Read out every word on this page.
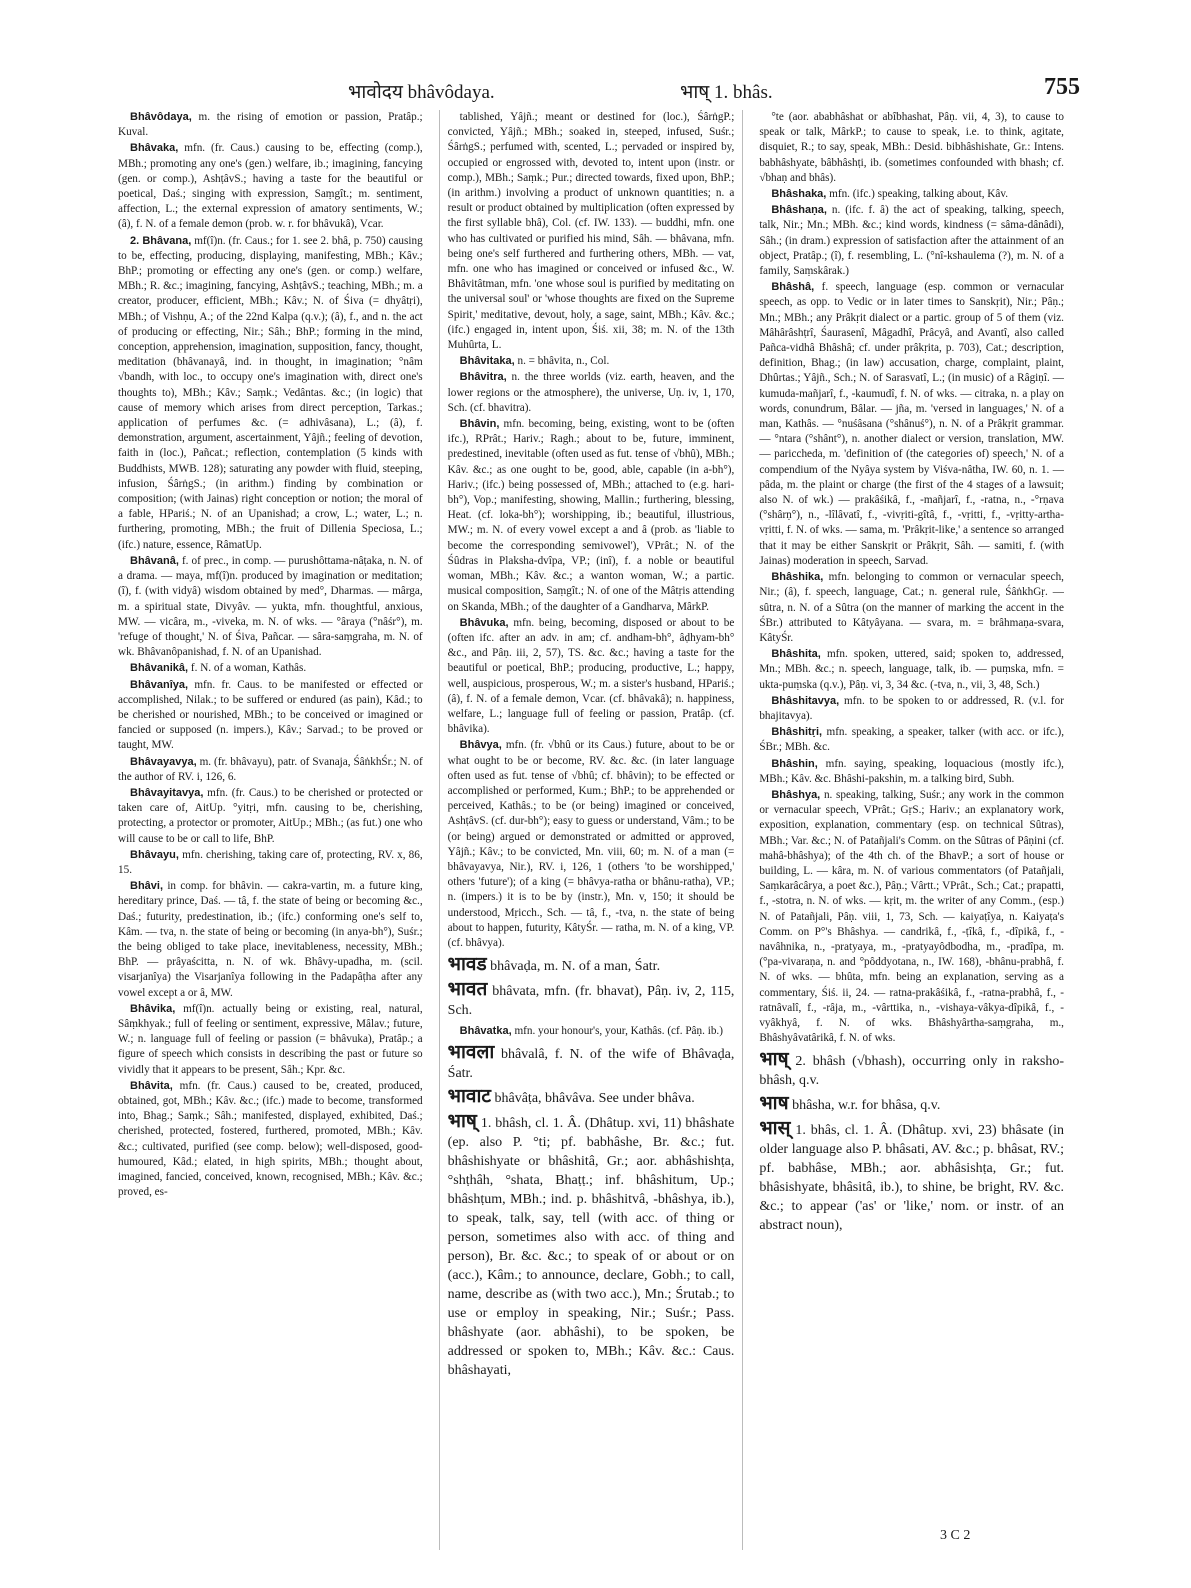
भावोदय bhâvôdaya.	भाष् 1. bhâs.	755
Bhâvôdaya, m. the rising of emotion or passion, Pratâp.; Kuval.
Bhâvaka, mfn. (fr. Caus.) causing to be, effecting (comp.), MBh.; promoting any one's (gen.) welfare, ib.; imagining, fancying (gen. or comp.), AshṭâvS.; having a taste for the beautiful or poetical, Daś.; singing with expression, Saṃgît.; m. sentiment, affection, L.; the external expression of amatory sentiments, W.; (â), f. N. of a female demon (prob. w. r. for bhâvukâ), Vcar.
2. Bhâvana, mf(î)n. (fr. Caus.; for 1. see 2. bhâ, p. 750) causing to be, effecting, producing, displaying, manifesting, MBh.; Kâv.; BhP.; promoting or effecting any one's (gen. or comp.) welfare, MBh.; R. &c.; imagining, fancying, AshṭâvS.; teaching, MBh.; m. a creator, producer, efficient, MBh.; Kâv.; N. of Śiva (= dhyâtṛi), MBh.; of Vishṇu, A.; of the 22nd Kalpa (q.v.); (â), f., and n. the act of producing or effecting, Nir.; Sâh.; BhP.; forming in the mind, conception, apprehension, imagination, supposition, fancy, thought, meditation (bhâvanayâ, ind. in thought, in imagination; °nâm √bandh, with loc., to occupy one's imagination with, direct one's thoughts to), MBh.; Kâv.; Saṃk.; Vedântas. &c.; (in logic) that cause of memory which arises from direct perception, Tarkas.; application of perfumes &c. (= adhivâsana), L.; (â), f. demonstration, argument, ascertainment, Yâjñ.; feeling of devotion, faith in (loc.), Pañcat.; reflection, contemplation (5 kinds with Buddhists, MWB. 128); saturating any powder with fluid, steeping, infusion, ŚârṅgS.; (in arithm.) finding by combination or composition; (with Jainas) right conception or notion; the moral of a fable, HPariś.; N. of an Upanishad; a crow, L.; water, L.; n. furthering, promoting, MBh.; the fruit of Dillenia Speciosa, L.; (ifc.) nature, essence, RâmatUp.
Bhâvanâ, f. of prec., in comp. — purushôttama-nâṭaka, n. N. of a drama. — maya, mf(î)n. produced by imagination or meditation; (î), f. (with vidyâ) wisdom obtained by med°, Dharmas. — mârga, m. a spiritual state, Divyâv. — yukta, mfn. thoughtful, anxious, MW. — vicâra, m., -viveka, m. N. of wks. — °âraya (°nâśr°), m. 'refuge of thought,' N. of Śiva, Pañcar. — sâra-saṃgraha, m. N. of wk. Bhâvanôpanishad, f. N. of an Upanishad.
Bhâvanikâ, f. N. of a woman, Kathâs.
Bhâvanîya, mfn. fr. Caus. to be manifested or effected or accomplished, Nilak.; to be suffered or endured (as pain), Kâd.; to be cherished or nourished, MBh.; to be conceived or imagined or fancied or supposed (n. impers.), Kâv.; Sarvad.; to be proved or taught, MW.
Bhâvayavya, m. (fr. bhâvayu), patr. of Svanaja, ŚâṅkhŚr.; N. of the author of RV. i, 126, 6.
Bhâvayitavya, mfn. (fr. Caus.) to be cherished or protected or taken care of, AitUp. °yitṛi, mfn. causing to be, cherishing, protecting, a protector or promoter, AitUp.; MBh.; (as fut.) one who will cause to be or call to life, BhP.
Bhâvayu, mfn. cherishing, taking care of, protecting, RV. x, 86, 15.
Bhâvi, in comp. for bhâvin. — cakra-vartin, m. a future king, hereditary prince, Daś. — tâ, f. the state of being or becoming &c., Daś.; futurity, predestination, ib.; (ifc.) conforming one's self to, Kâm. — tva, n. the state of being or becoming (in anya-bh°), Suśr.; the being obliged to take place, inevitableness, necessity, MBh.; BhP. — prâyaścitta, n. N. of wk. Bhâvy-upadha, m. (scil. visarjanîya) the Visarjanîya following in the Padapâṭha after any vowel except a or â, MW.
Bhâvika, mf(î)n. actually being or existing, real, natural, Sâṃkhyak.; full of feeling or sentiment, expressive, Mâlav.; future, W.; n. language full of feeling or passion (= bhâvuka), Pratâp.; a figure of speech which consists in describing the past or future so vividly that it appears to be present, Sâh.; Kpr. &c.
Bhâvita, mfn. (fr. Caus.) caused to be, created, produced, obtained, got, MBh.; Kâv. &c.; (ifc.) made to become, transformed into, Bhag.; Saṃk.; Sâh.; manifested, displayed, exhibited, Daś.; cherished, protected, fostered, furthered, promoted, MBh.; Kâv. &c.; cultivated, purified (see comp. below); well-disposed, good-humoured, Kâd.; elated, in high spirits, MBh.; thought about, imagined, fancied, conceived, known, recognised, MBh.; Kâv. &c.; proved, es-
tablished, Yâjñ.; meant or destined for (loc.), ŚârṅgP.; convicted, Yâjñ.; MBh.; soaked in, steeped, infused, Suśr.; ŚârṅgS.; perfumed with, scented, L.; pervaded or inspired by, occupied or engrossed with, devoted to, intent upon (instr. or comp.), MBh.; Saṃk.; Pur.; directed towards, fixed upon, BhP.; (in arithm.) involving a product of unknown quantities; n. a result or product obtained by multiplication (often expressed by the first syllable bhâ), Col. (cf. IW. 133). — buddhi, mfn. one who has cultivated or purified his mind, Sâh. — bhâvana, mfn. being one's self furthered and furthering others, MBh. — vat, mfn. one who has imagined or conceived or infused &c., W. Bhâvitâtman, mfn. 'one whose soul is purified by meditating on the universal soul' or 'whose thoughts are fixed on the Supreme Spirit,' meditative, devout, holy, a sage, saint, MBh.; Kâv. &c.; (ifc.) engaged in, intent upon, Śiś. xii, 38; m. N. of the 13th Muhûrta, L.
Bhâvitaka, n. = bhâvita, n., Col.
Bhâvitra, n. the three worlds (viz. earth, heaven, and the lower regions or the atmosphere), the universe, Uṇ. iv, 1, 170, Sch. (cf. bhavitra).
Bhâvin, mfn. becoming, being, existing, wont to be (often ifc.), RPrât.; Hariv.; Ragh.; about to be, future, imminent, predestined, inevitable (often used as fut. tense of √bhû), MBh.; Kâv. &c.; as one ought to be, good, able, capable (in a-bh°), Hariv.; (ifc.) being possessed of, MBh.; attached to (e.g. hari-bh°), Vop.; manifesting, showing, Mallin.; furthering, blessing, Heat. (cf. loka-bh°); worshipping, ib.; beautiful, illustrious, MW.; m. N. of every vowel except a and â (prob. as 'liable to become the corresponding semivowel'), VPrât.; N. of the Śûdras in Plaksha-dvîpa, VP.; (inî), f. a noble or beautiful woman, MBh.; Kâv. &c.; a wanton woman, W.; a partic. musical composition, Saṃgît.; N. of one of the Mâtṛis attending on Skanda, MBh.; of the daughter of a Gandharva, MârkP.
Bhâvuka, mfn. being, becoming, disposed or about to be (often ifc. after an adv. in am; cf. andham-bh°, âḍhyam-bh° &c., and Pâṇ. iii, 2, 57), TS. &c. &c.; having a taste for the beautiful or poetical, BhP.; producing, productive, L.; happy, well, auspicious, prosperous, W.; m. a sister's husband, HPariś.; (â), f. N. of a female demon, Vcar. (cf. bhâvakâ); n. happiness, welfare, L.; language full of feeling or passion, Pratâp. (cf. bhâvika).
Bhâvya, mfn. (fr. √bhû or its Caus.) future, about to be or what ought to be or become, RV. &c. &c. (in later language often used as fut. tense of √bhû; cf. bhâvin); to be effected or accomplished or performed, Kum.; BhP.; to be apprehended or perceived, Kathâs.; to be (or being) imagined or conceived, AshṭâvS. (cf. dur-bh°); easy to guess or understand, Vâm.; to be (or being) argued or demonstrated or admitted or approved, Yâjñ.; Kâv.; to be convicted, Mn. viii, 60; m. N. of a man (= bhâvayavya, Nir.), RV. i, 126, 1 (others 'to be worshipped,' others 'future'); of a king (= bhâvya-ratha or bhânu-ratha), VP.; n. (impers.) it is to be by (instr.), Mn. v, 150; it should be understood, Mṛicch., Sch. — tâ, f., -tva, n. the state of being about to happen, futurity, KâtyŚr. — ratha, m. N. of a king, VP. (cf. bhâvya).
भावड bhâvaḍa, m. N. of a man, Śatr.
भावत bhâvata, mfn. (fr. bhavat), Pâṇ. iv, 2, 115, Sch.
Bhâvatka, mfn. your honour's, your, Kathâs. (cf. Pâṇ. ib.)
भावला bhâvalâ, f. N. of the wife of Bhâvaḍa, Śatr.
भावाट bhâvâṭa, bhâvâva. See under bhâva.
भाष् 1. bhâsh, cl. 1. Â. (Dhâtup. xvi, 11) bhâshate (ep. also P. °ti; pf. babhâshe, Br. &c.; fut. bhâshishyate or bhâshitâ, Gr.; aor. abhâshishṭa, °shṭhâh, °shata, Bhaṭṭ.; inf. bhâshitum, Up.; bhâshṭum, MBh.; ind. p. bhâshitvâ, -bhâshya, ib.), to speak, talk, say, tell (with acc. of thing or person, sometimes also with acc. of thing and person), Br. &c. &c.; to speak of or about or on (acc.), Kâm.; to announce, declare, Gobh.; to call, name, describe as (with two acc.), Mn.; Śrutab.; to use or employ in speaking, Nir.; Suśr.; Pass. bhâshyate (aor. abhâshi), to be spoken, be addressed or spoken to, MBh.; Kâv. &c.: Caus. bhâshayati,
°te (aor. ababhâshat or abîbhashat, Pâṇ. vii, 4, 3), to cause to speak or talk, MârkP.; to cause to speak, i.e. to think, agitate, disquiet, R.; to say, speak, MBh.: Desid. bibhâshishate, Gr.: Intens. babhâshyate, bâbhâshṭi, ib. (sometimes confounded with bhash; cf. √bhaṇ and bhâs).
Bhâshaka, mfn. (ifc.) speaking, talking about, Kâv.
Bhâshaṇa, n. (ifc. f. â) the act of speaking, talking, speech, talk, Nir.; Mn.; MBh. &c.; kind words, kindness (= sâma-dânâdi), Sâh.; (in dram.) expression of satisfaction after the attainment of an object, Pratâp.; (î), f. resembling, L. (°nî-kshaulema (?), m. N. of a family, Saṃskârak.)
Bhâshâ, f. speech, language (esp. common or vernacular speech, as opp. to Vedic or in later times to Sanskṛit), Nir.; Pâṇ.; Mn.; MBh.; any Prâkṛit dialect or a partic. group of 5 of them (viz. Mâhârâshṭrî, Śaurasenî, Mâgadhî, Prâcyâ, and Avantî, also called Pañca-vidhâ Bhâshâ; cf. under prâkṛita, p. 703), Cat.; description, definition, Bhag.; (in law) accusation, charge, complaint, plaint, Dhûrtas.; Yâjñ., Sch.; N. of Sarasvatî, L.; (in music) of a Râgiṇî. — kumuda-mañjarî, f., -kaumudî, f. N. of wks. — citraka, n. a play on words, conundrum, Bâlar. — jña, m. 'versed in languages,' N. of a man, Kathâs. — °nuśâsana (°shânuś°), n. N. of a Prâkṛit grammar. — °ntara (°shânt°), n. another dialect or version, translation, MW. — pariccheda, m. 'definition of (the categories of) speech,' N. of a compendium of the Nyâya system by Viśva-nâtha, IW. 60, n. 1. — pâda, m. the plaint or charge (the first of the 4 stages of a lawsuit; also N. of wk.) — prakâśikâ, f., -mañjarî, f., -ratna, n., -°rṇava (°shârṇ°), n., -lîlâvatî, f., -vivṛiti-gîtâ, f., -vṛitti, f., -vṛitty-artha-vṛitti, f. N. of wks. — sama, m. 'Prâkṛit-like,' a sentence so arranged that it may be either Sanskṛit or Prâkṛit, Sâh. — samiti, f. (with Jainas) moderation in speech, Sarvad.
Bhâshika, mfn. belonging to common or vernacular speech, Nir.; (â), f. speech, language, Cat.; n. general rule, ŚâṅkhGṛ. — sûtra, n. N. of a Sûtra (on the manner of marking the accent in the ŚBr.) attributed to Kâtyâyana. — svara, m. = brâhmaṇa-svara, KâtyŚr.
Bhâshita, mfn. spoken, uttered, said; spoken to, addressed, Mn.; MBh. &c.; n. speech, language, talk, ib. — puṃska, mfn. = ukta-puṃska (q.v.), Pâṇ. vi, 3, 34 &c. (-tva, n., vii, 3, 48, Sch.)
Bhâshitavya, mfn. to be spoken to or addressed, R. (v.l. for bhajitavya).
Bhâshitṛi, mfn. speaking, a speaker, talker (with acc. or ifc.), ŚBr.; MBh. &c.
Bhâshin, mfn. saying, speaking, loquacious (mostly ifc.), MBh.; Kâv. &c. Bhâshi-pakshin, m. a talking bird, Subh.
Bhâshya, n. speaking, talking, Suśr.; any work in the common or vernacular speech, VPrât.; GṛS.; Hariv.; an explanatory work, exposition, explanation, commentary (esp. on technical Sûtras), MBh.; Var. &c.; N. of Patañjali's Comm. on the Sûtras of Pâṇini (cf. mahâ-bhâshya); of the 4th ch. of the BhavP.; a sort of house or building, L. — kâra, m. N. of various commentators (of Patañjali, Saṃkarâcârya, a poet &c.), Pâṇ.; Vârtt.; VPrât., Sch.; Cat.; prapatti, f., -stotra, n. N. of wks. — kṛit, m. the writer of any Comm., (esp.) N. of Patañjali, Pâṇ. viii, 1, 73, Sch. — kaiyaṭîya, n. Kaiyaṭa's Comm. on P°'s Bhâshya. — candrikâ, f., -ṭîkâ, f., -dîpikâ, f., -navâhnika, n., -pratyaya, m., -pratyayôdbodha, m., -pradîpa, m. (°pa-vivaraṇa, n. and °pôddyotana, n., IW. 168), -bhânu-prabhâ, f. N. of wks. — bhûta, mfn. being an explanation, serving as a commentary, Śiś. ii, 24. — ratna-prakâśikâ, f., -ratna-prabhâ, f., -ratnâvalî, f., -râja, m., -vârttika, n., -vishaya-vâkya-dîpikâ, f., -vyâkhyâ, f. N. of wks. Bhâshyârtha-saṃgraha, m., Bhâshyâvatârikâ, f. N. of wks.
भाष् 2. bhâsh (√bhash), occurring only in raksho-bhâsh, q.v.
भाष bhâsha, w.r. for bhâsa, q.v.
भास् 1. bhâs, cl. 1. Â. (Dhâtup. xvi, 23) bhâsate (in older language also P. bhâsati, AV. &c.; p. bhâsat, RV.; pf. babhâse, MBh.; aor. abhâsishṭa, Gr.; fut. bhâsishyate, bhâsitâ, ib.), to shine, be bright, RV. &c. &c.; to appear ('as' or 'like,' nom. or instr. of an abstract noun),
3 C 2
